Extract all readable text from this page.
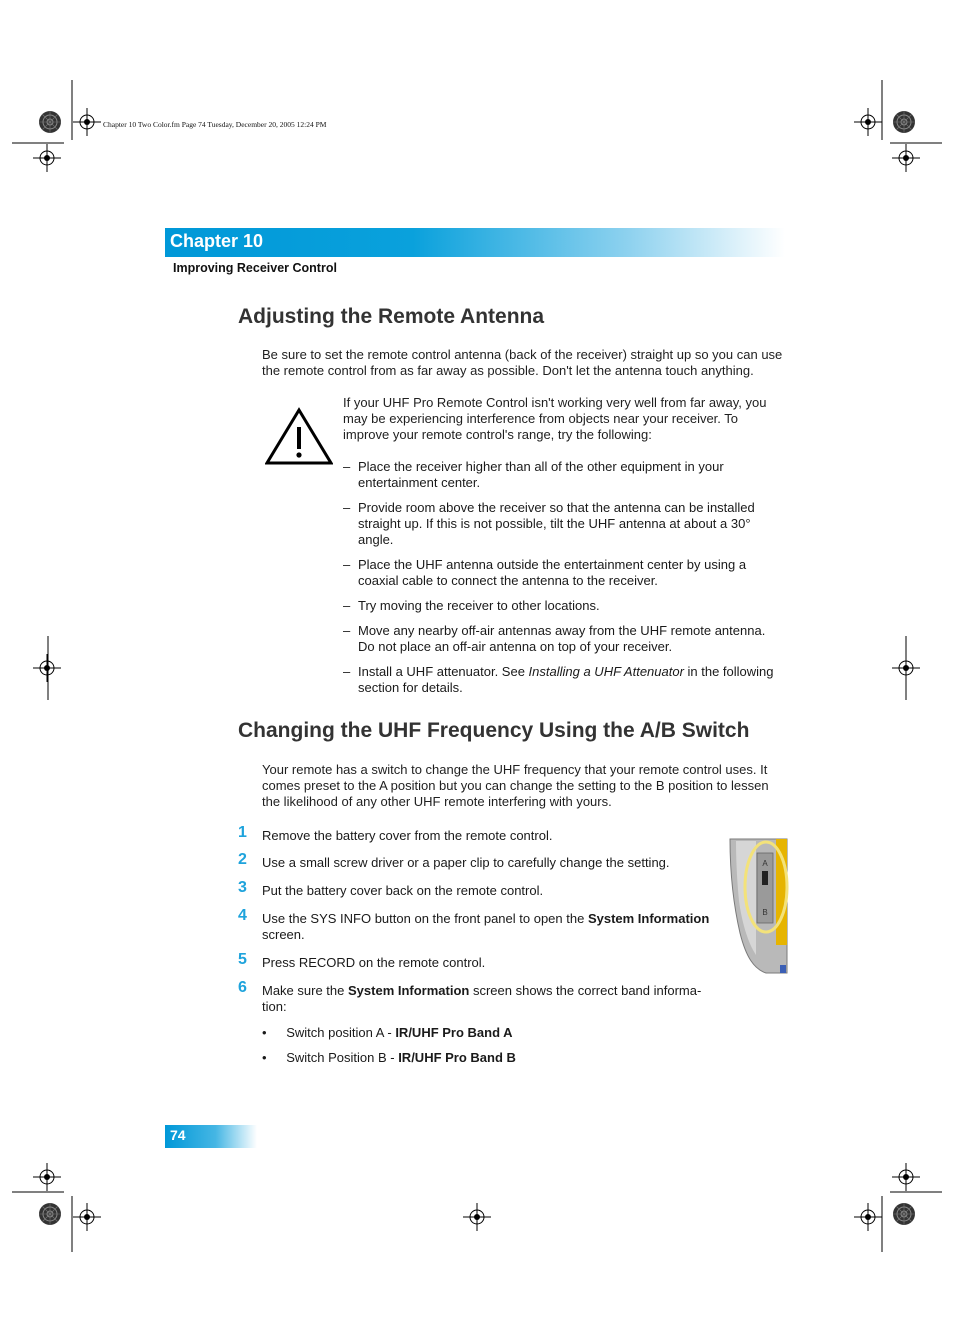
Chapter 10 Two Color.fm Page 74 Tuesday, December 20, 2005 12:24 PM
Chapter 10
Improving Receiver Control
Adjusting the Remote Antenna
Be sure to set the remote control antenna (back of the receiver) straight up so you can use the remote control from as far away as possible. Don't let the antenna touch anything.
If your UHF Pro Remote Control isn't working very well from far away, you may be experiencing interference from objects near your receiver. To improve your remote control's range, try the following:
– Place the receiver higher than all of the other equipment in your entertainment center.
– Provide room above the receiver so that the antenna can be installed straight up. If this is not possible, tilt the UHF antenna at about a 30° angle.
– Place the UHF antenna outside the entertainment center by using a coaxial cable to connect the antenna to the receiver.
– Try moving the receiver to other locations.
– Move any nearby off-air antennas away from the UHF remote antenna. Do not place an off-air antenna on top of your receiver.
– Install a UHF attenuator. See Installing a UHF Attenuator in the following section for details.
Changing the UHF Frequency Using the A/B Switch
Your remote has a switch to change the UHF frequency that your remote control uses. It comes preset to the A position but you can change the setting to the B position to lessen the likelihood of any other UHF remote interfering with yours.
1 Remove the battery cover from the remote control.
2 Use a small screw driver or a paper clip to carefully change the setting.
3 Put the battery cover back on the remote control.
4 Use the SYS INFO button on the front panel to open the System Information screen.
5 Press RECORD on the remote control.
6 Make sure the System Information screen shows the correct band informa-tion:
• Switch position A - IR/UHF Pro Band A
• Switch Position B - IR/UHF Pro Band B
A
B
74
